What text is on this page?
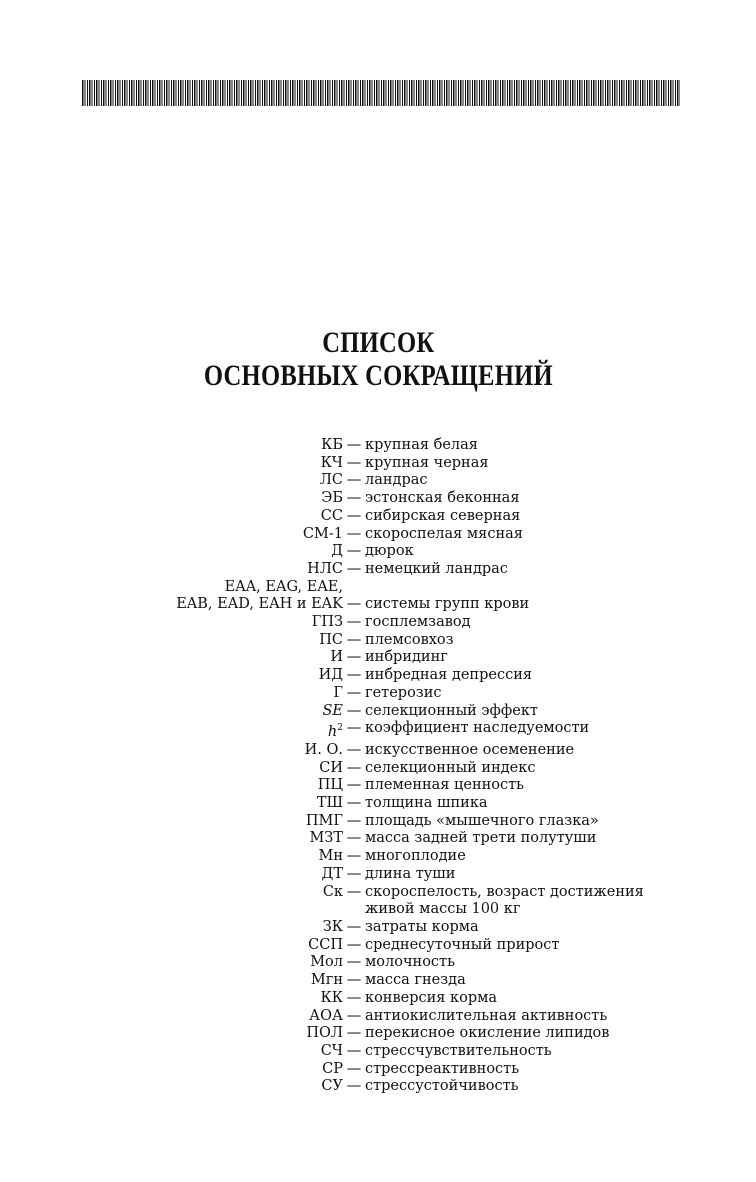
СПИСОК
ОСНОВНЫХ СОКРАЩЕНИЙ
КБ — крупная белая
КЧ — крупная черная
ЛС — ландрас
ЭБ — эстонская беконная
СС — сибирская северная
СМ-1 — скороспелая мясная
Д — дюрок
НЛС — немецкий ландрас
EAA, EAG, EAE,
EAB, EAD, EAH и EAK — системы групп крови
ГПЗ — госплемзавод
ПС — племсовхоз
И — инбридинг
ИД — инбредная депрессия
Г — гетерозис
SE — селекционный эффект
$h^2$ — коэффициент наследуемости
И. О. — искусственное осеменение
СИ — селекционный индекс
ПЦ — племенная ценность
ТШ — толщина шпика
ПМГ — площадь «мышечного глазка»
МЗТ — масса задней трети полутуши
Мн — многоплодие
ДТ — длина туши
Ск — скороспелость, возраст достижения
живой массы 100 кг
ЗК — затраты корма
ССП — среднесуточный прирост
Мол — молочность
Мгн — масса гнезда
КК — конверсия корма
АОА — антиокислительная активность
ПОЛ — перекисное окисление липидов
СЧ — стрессчувствительность
СР — стрессреактивность
СУ — стрессустойчивость
